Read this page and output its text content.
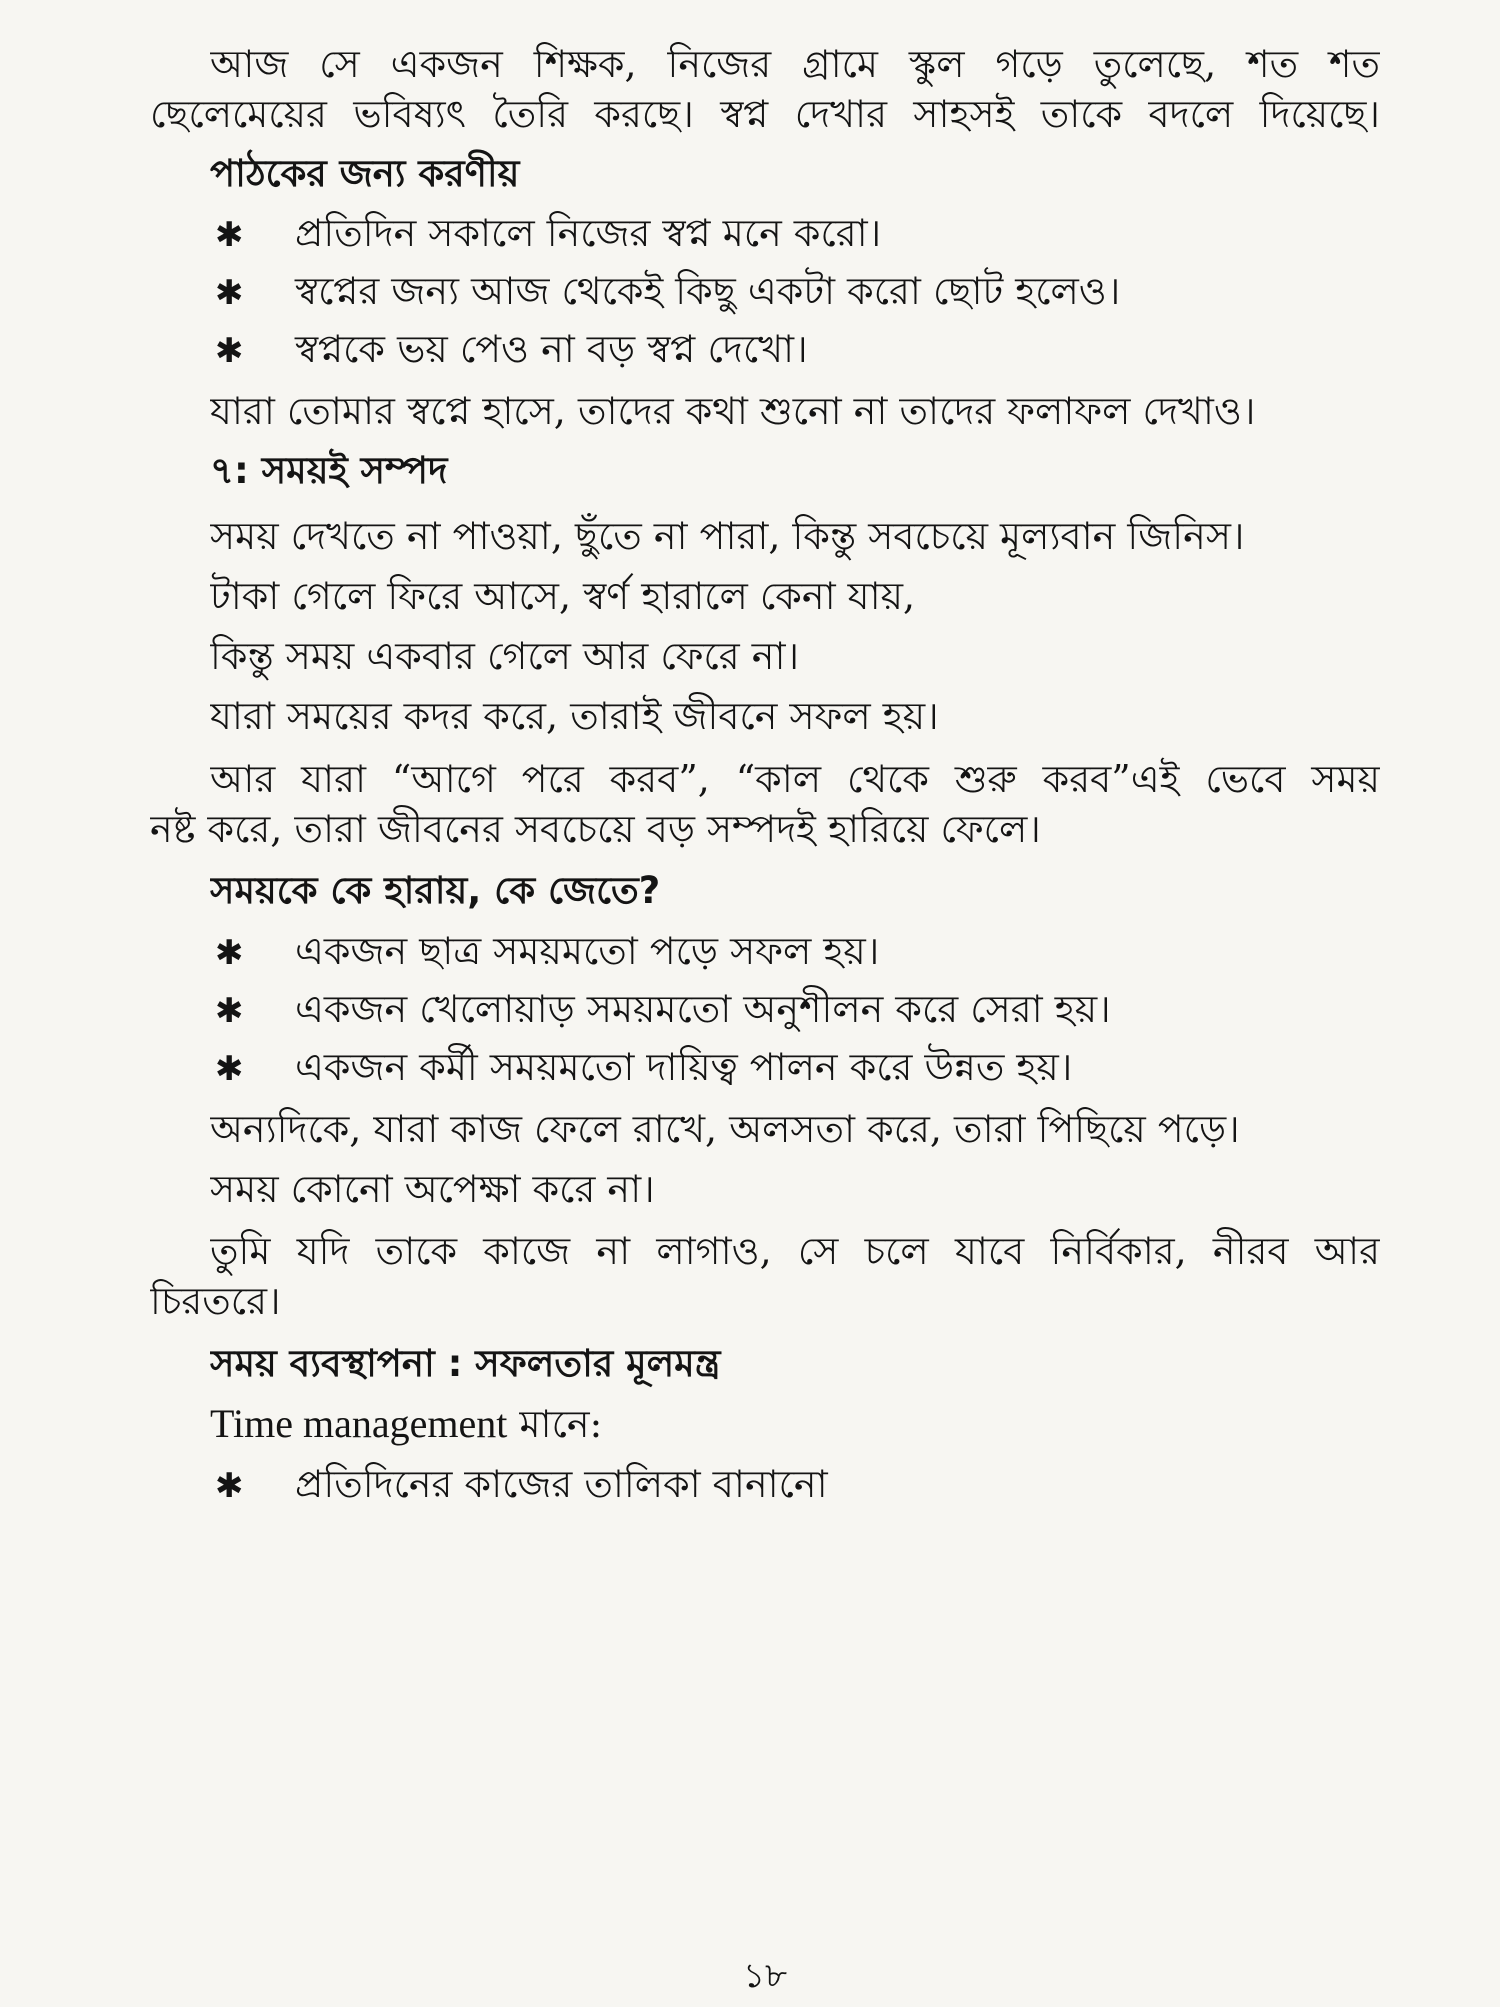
আজ সে একজন শিক্ষক, নিজের গ্রামে স্কুল গড়ে তুলেছে, শত শত
ছেলেমেয়ের ভবিষ্যৎ তৈরি করছে। স্বপ্ন দেখার সাহসই তাকে বদলে দিয়েছে।
পাঠকের জন্য করণীয়
✱ প্রতিদিন সকালে নিজের স্বপ্ন মনে করো।
✱ স্বপ্নের জন্য আজ থেকেই কিছু একটা করো ছোট হলেও।
✱ স্বপ্নকে ভয় পেও না বড় স্বপ্ন দেখো।
যারা তোমার স্বপ্নে হাসে, তাদের কথা শুনো না তাদের ফলাফল দেখাও।
৭: সময়ই সম্পদ
সময় দেখতে না পাওয়া, ছুঁতে না পারা, কিন্তু সবচেয়ে মূল্যবান জিনিস।
টাকা গেলে ফিরে আসে, স্বর্ণ হারালে কেনা যায়,
কিন্তু সময় একবার গেলে আর ফেরে না।
যারা সময়ের কদর করে, তারাই জীবনে সফল হয়।
আর যারা “আগে পরে করব”, “কাল থেকে শুরু করব”এই ভেবে সময়
নষ্ট করে, তারা জীবনের সবচেয়ে বড় সম্পদই হারিয়ে ফেলে।
সময়কে কে হারায়, কে জেতে?
✱ একজন ছাত্র সময়মতো পড়ে সফল হয়।
✱ একজন খেলোয়াড় সময়মতো অনুশীলন করে সেরা হয়।
✱ একজন কর্মী সময়মতো দায়িত্ব পালন করে উন্নত হয়।
অন্যদিকে, যারা কাজ ফেলে রাখে, অলসতা করে, তারা পিছিয়ে পড়ে।
সময় কোনো অপেক্ষা করে না।
তুমি যদি তাকে কাজে না লাগাও, সে চলে যাবে নির্বিকার, নীরব আর
চিরতরে।
সময় ব্যবস্থাপনা : সফলতার মূলমন্ত্র
Time management মানে:
✱ প্রতিদিনের কাজের তালিকা বানানো
১৮
